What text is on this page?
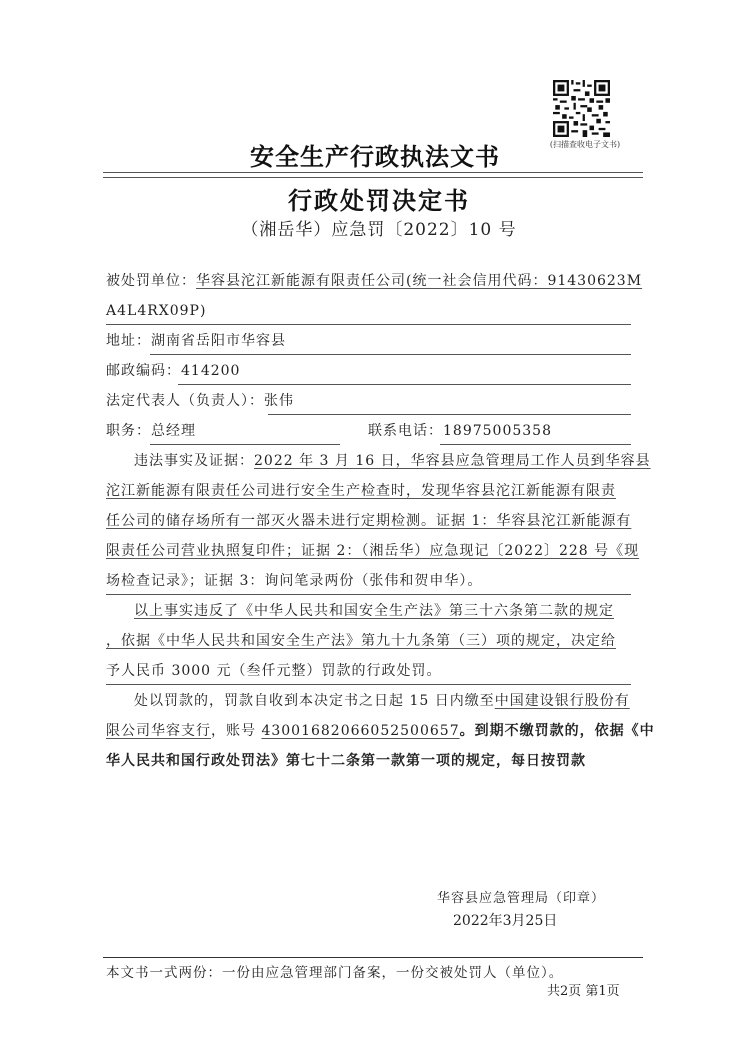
(扫描查收电子文书)
安全生产行政执法文书
行政处罚决定书
（湘岳华）应急罚〔2022〕10 号
被处罚单位：华容县沱江新能源有限责任公司(统一社会信用代码：91430623M
A4L4RX09P)
地址：湖南省岳阳市华容县
邮政编码：414200
法定代表人（负责人）：张伟
职务：总经理	联系电话：18975005358
违法事实及证据：2022 年 3 月 16 日，华容县应急管理局工作人员到华容县
沱江新能源有限责任公司进行安全生产检查时，发现华容县沱江新能源有限责
任公司的储存场所有一部灭火器未进行定期检测。证据 1：华容县沱江新能源有
限责任公司营业执照复印件；证据 2：（湘岳华）应急现记〔2022〕228 号《现
场检查记录》；证据 3：询问笔录两份（张伟和贺申华）。
以上事实违反了《中华人民共和国安全生产法》第三十六条第二款的规定
，依据《中华人民共和国安全生产法》第九十九条第（三）项的规定，决定给
予人民币 3000 元（叁仟元整）罚款的行政处罚。
处以罚款的，罚款自收到本决定书之日起 15 日内缴至中国建设银行股份有
限公司华容支行，账号 43001682066052500657。到期不缴罚款的，依据《中
华人民共和国行政处罚法》第七十二条第一款第一项的规定，每日按罚款
华容县应急管理局（印章）
2022年3月25日
本文书一式两份：一份由应急管理部门备案，一份交被处罚人（单位）。
共2页 第1页
